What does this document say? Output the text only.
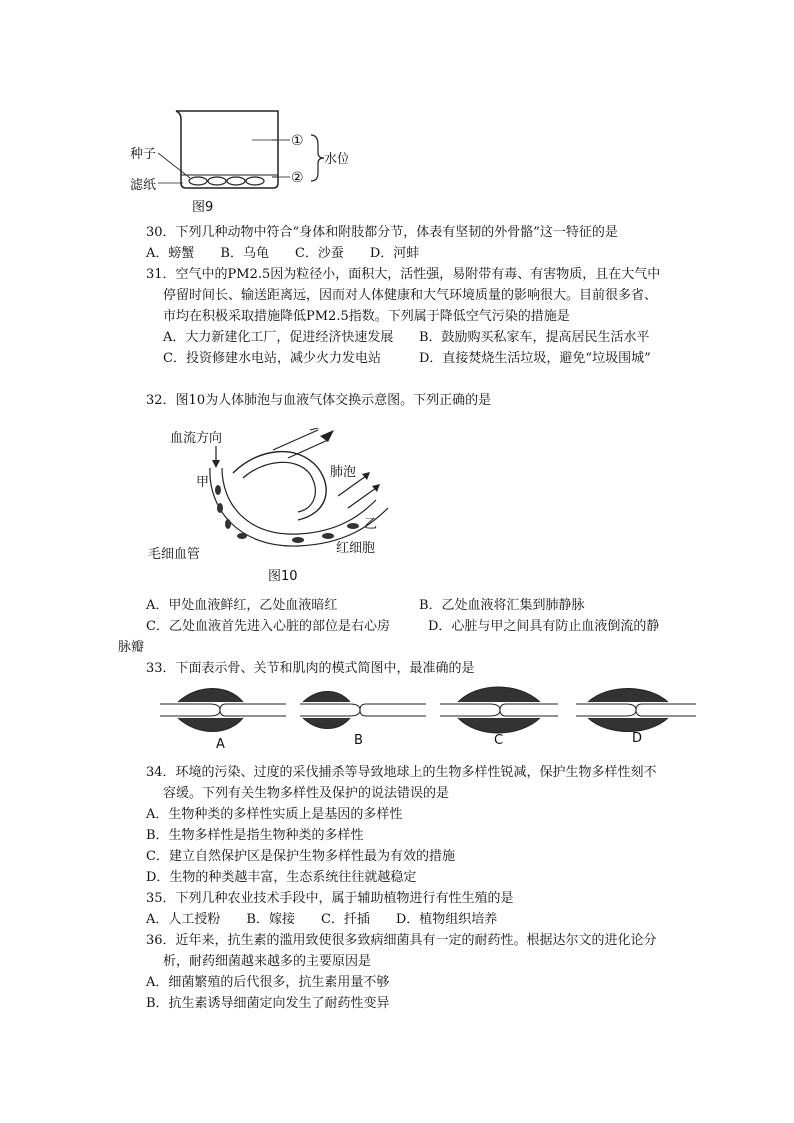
种子
滤纸
①
②
水位
图9
30．下列几种动物中符合“身体和附肢都分节，体表有坚韧的外骨骼”这一特征的是
A．螃蟹　　B．乌龟　　C．沙蚕　　D．河蚌
31．空气中的PM2.5因为粒径小，面积大，活性强，易附带有毒、有害物质，且在大气中
停留时间长、输送距离远，因而对人体健康和大气环境质量的影响很大。目前很多省、
市均在积极采取措施降低PM2.5指数。下列属于降低空气污染的措施是
A．大力新建化工厂，促进经济快速发展 B．鼓励购买私家车，提高居民生活水平
C．投资修建水电站，减少火力发电站	D．直接焚烧生活垃圾，避免“垃圾围城”
32．图10为人体肺泡与血液气体交换示意图。下列正确的是
血流方向
甲
肺泡
乙
毛细血管	红细胞
图10
A．甲处血液鲜红，乙处血液暗红	B．乙处血液将汇集到肺静脉
C．乙处血液首先进入心脏的部位是右心房	D．心脏与甲之间具有防止血液倒流的静
脉瓣
33．下面表示骨、关节和肌肉的模式简图中，最准确的是
A	B	C	D
34．环境的污染、过度的采伐捕杀等导致地球上的生物多样性锐减，保护生物多样性刻不
容缓。下列有关生物多样性及保护的说法错误的是
A．生物种类的多样性实质上是基因的多样性
B．生物多样性是指生物种类的多样性
C．建立自然保护区是保护生物多样性最为有效的措施
D．生物的种类越丰富，生态系统往往就越稳定
35．下列几种农业技术手段中，属于辅助植物进行有性生殖的是
A．人工授粉　　B．嫁接　　C．扦插　　D．植物组织培养
36．近年来，抗生素的滥用致使很多致病细菌具有一定的耐药性。根据达尔文的进化论分
析，耐药细菌越来越多的主要原因是
A．细菌繁殖的后代很多，抗生素用量不够
B．抗生素诱导细菌定向发生了耐药性变异
